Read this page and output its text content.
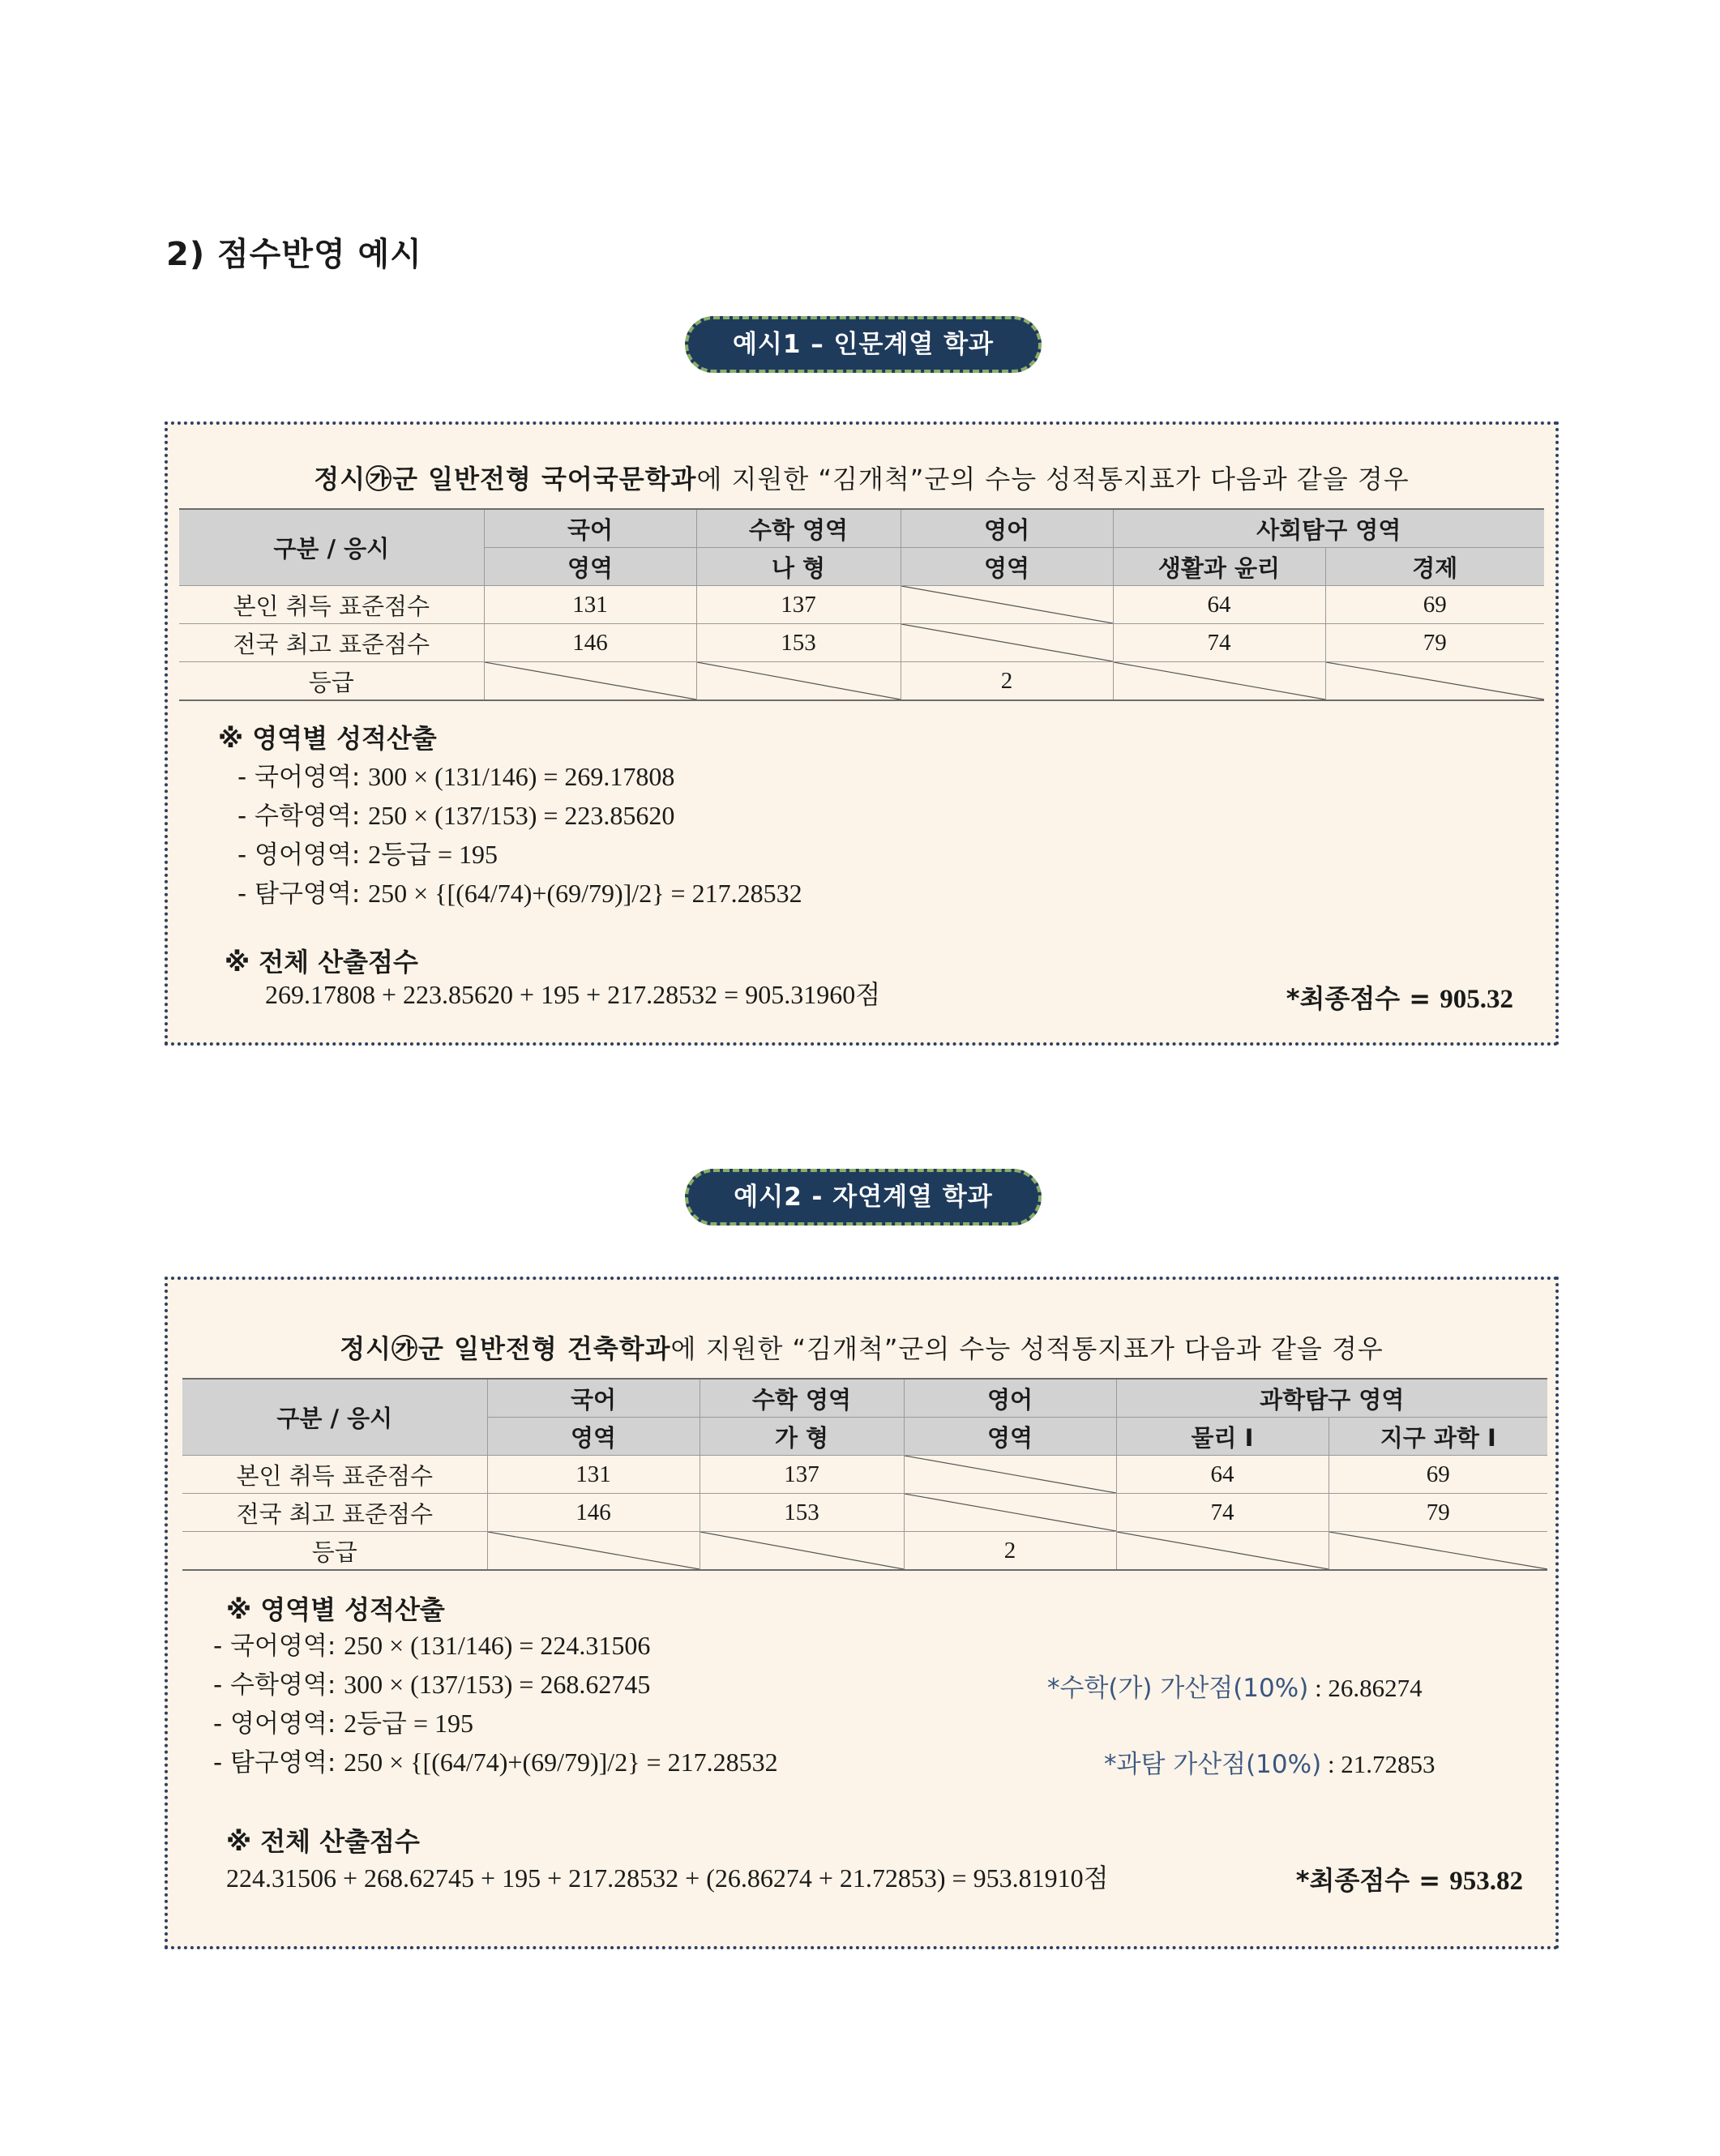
2) 점수반영 예시
예시1 – 인문계열 학과
정시㉮군 일반전형 국어국문학과에 지원한 “김개척”군의 수능 성적통지표가 다음과 같을 경우
구분 / 응시	국어	수학 영역	영어	사회탐구 영역	
	영역	나 형	영역	생활과 윤리	경제
본인 취득 표준점수	131	137		64	69
전국 최고 표준점수	146	153		74	79
등급			2	

※ 영역별 성적산출
- 국어영역: 300 × (131/146) = 269.17808
- 수학영역: 250 × (137/153) = 223.85620
- 영어영역: 2등급 = 195
- 탐구영역: 250 × {[(64/74)+(69/79)]/2} = 217.28532
※ 전체 산출점수
269.17808 + 223.85620 + 195 + 217.28532 = 905.31960점	*최종점수 = 905.32
예시2 - 자연계열 학과
정시㉮군 일반전형 건축학과에 지원한 “김개척”군의 수능 성적통지표가 다음과 같을 경우
구분 / 응시	국어	수학 영역	영어	과학탐구 영역	
	영역	가 형	영역	물리 I	지구 과학 I
본인 취득 표준점수	131	137		64	69
전국 최고 표준점수	146	153		74	79
등급			2	

※ 영역별 성적산출
- 국어영역: 250 × (131/146) = 224.31506
- 수학영역: 300 × (137/153) = 268.62745
- 영어영역: 2등급 = 195
- 탐구영역: 250 × {[(64/74)+(69/79)]/2} = 217.28532
*수학(가) 가산점(10%) : 26.86274
*과탐 가산점(10%) : 21.72853
※ 전체 산출점수
224.31506 + 268.62745 + 195 + 217.28532 + (26.86274 + 21.72853) = 953.81910점	*최종점수 = 953.82
